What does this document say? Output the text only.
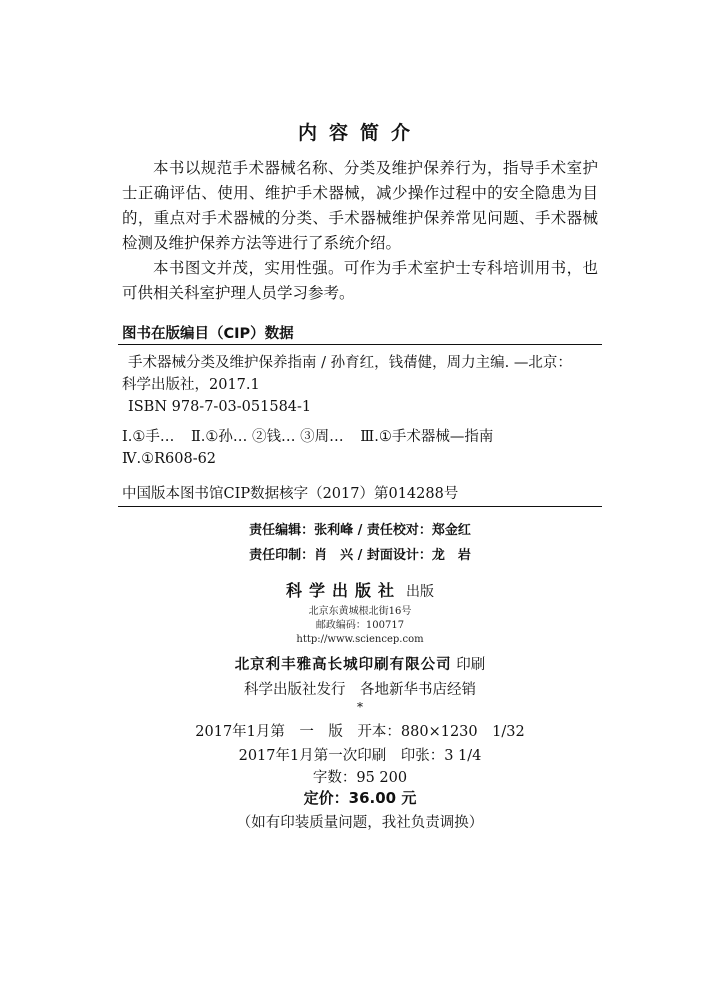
内容简介

本书以规范手术器械名称、分类及维护保养行为，指导手术室护士正确评估、使用、维护手术器械，减少操作过程中的安全隐患为目的，重点对手术器械的分类、手术器械维护保养常见问题、手术器械检测及维护保养方法等进行了系统介绍。

本书图文并茂，实用性强。可作为手术室护士专科培训用书，也可供相关科室护理人员学习参考。

图书在版编目（CIP）数据
手术器械分类及维护保养指南 / 孙育红，钱蒨健，周力主编. —北京：
科学出版社，2017.1
ISBN 978-7-03-051584-1
Ⅰ.①手… Ⅱ.①孙… ②钱… ③周… Ⅲ.①手术器械—指南
Ⅳ.①R608-62
中国版本图书馆CIP数据核字（2017）第014288号
责任编辑：张利峰 / 责任校对：郑金红
责任印制：肖　兴 / 封面设计：龙　岩
科学出版社 出版
北京东黄城根北街16号
邮政编码：100717
http://www.sciencep.com
北京利丰雅高长城印刷有限公司 印刷
科学出版社发行　各地新华书店经销
*
2017年1月第　一　版　开本：880×1230　1/32
2017年1月第一次印刷　印张：3 1/4
字数：95 200
定价：36.00 元
（如有印装质量问题，我社负责调换）
